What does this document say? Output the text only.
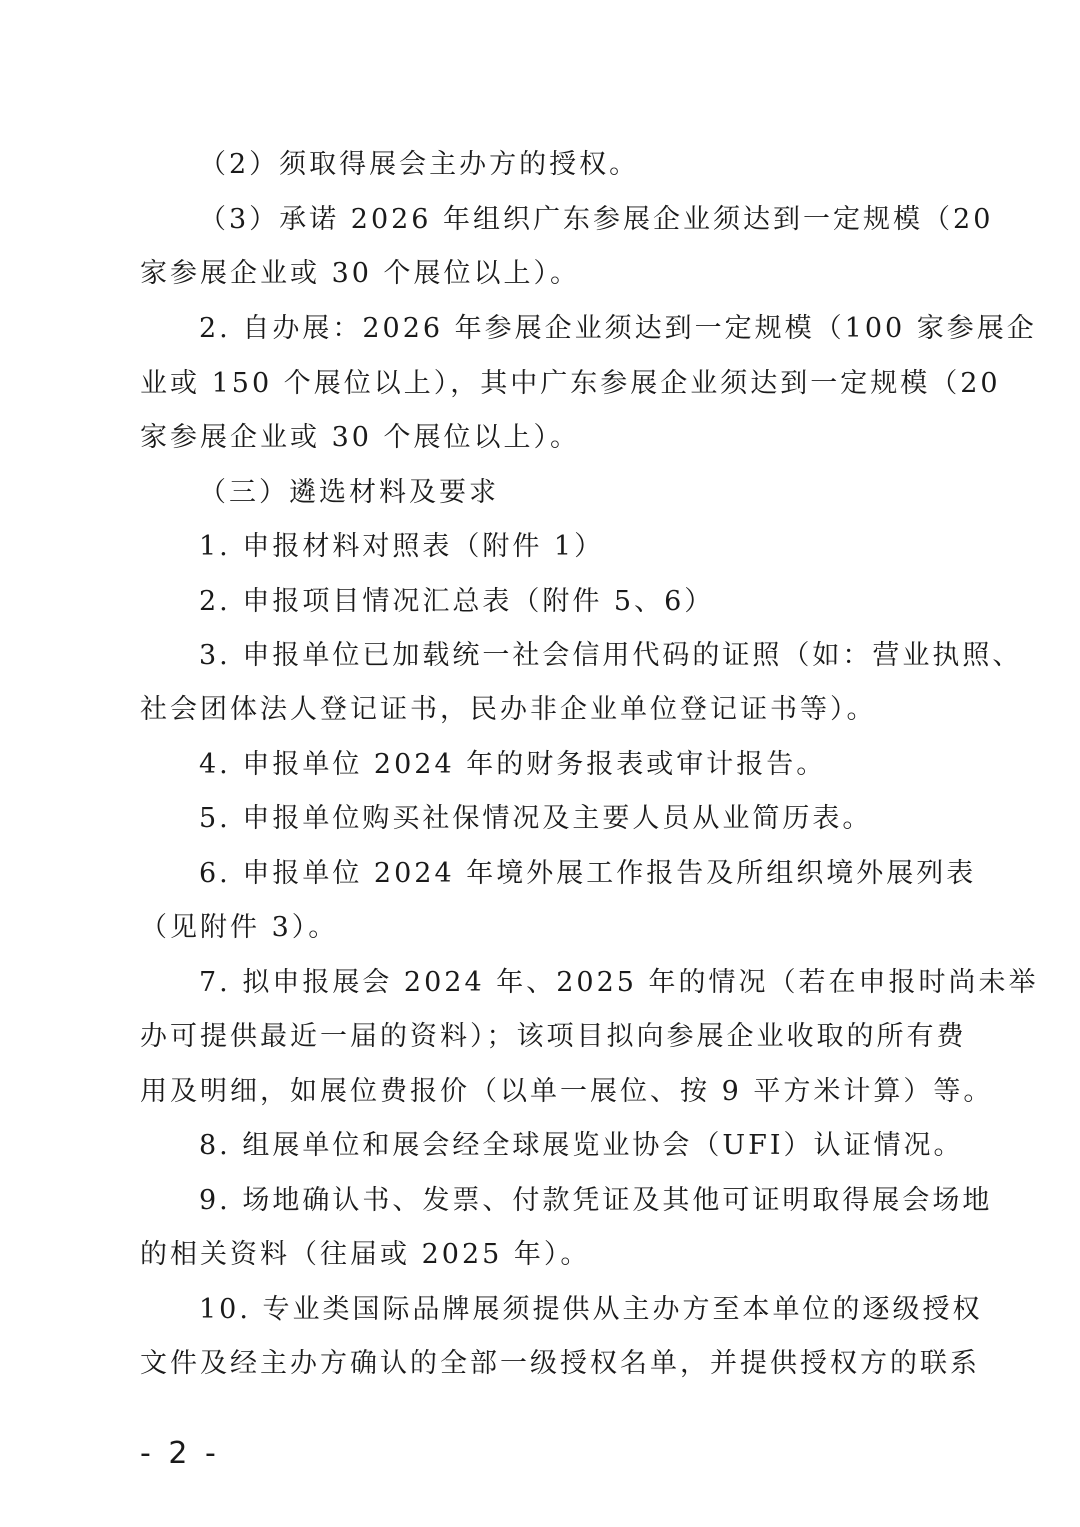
（2）须取得展会主办方的授权。
（3）承诺 2026 年组织广东参展企业须达到一定规模（20
家参展企业或 30 个展位以上）。
2. 自办展：2026 年参展企业须达到一定规模（100 家参展企
业或 150 个展位以上），其中广东参展企业须达到一定规模（20
家参展企业或 30 个展位以上）。
（三）遴选材料及要求
1. 申报材料对照表（附件 1）
2. 申报项目情况汇总表（附件 5、6）
3. 申报单位已加载统一社会信用代码的证照（如：营业执照、
社会团体法人登记证书，民办非企业单位登记证书等）。
4. 申报单位 2024 年的财务报表或审计报告。
5. 申报单位购买社保情况及主要人员从业简历表。
6. 申报单位 2024 年境外展工作报告及所组织境外展列表
（见附件 3）。
7. 拟申报展会 2024 年、2025 年的情况（若在申报时尚未举
办可提供最近一届的资料）；该项目拟向参展企业收取的所有费
用及明细，如展位费报价（以单一展位、按 9 平方米计算）等。
8. 组展单位和展会经全球展览业协会（UFI）认证情况。
9. 场地确认书、发票、付款凭证及其他可证明取得展会场地
的相关资料（往届或 2025 年）。
10. 专业类国际品牌展须提供从主办方至本单位的逐级授权
文件及经主办方确认的全部一级授权名单，并提供授权方的联系
- 2 -
